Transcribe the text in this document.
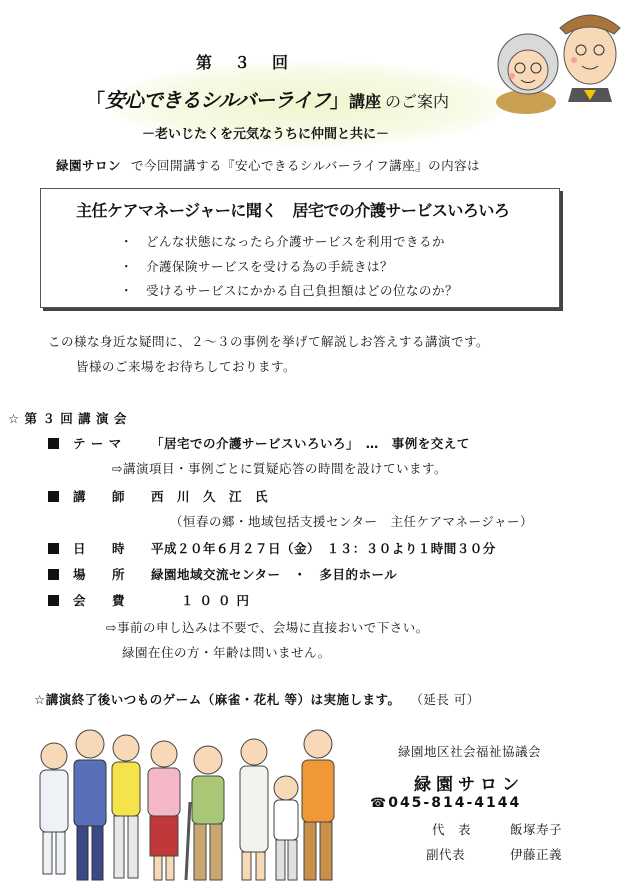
第　３　回
「安心できるシルバーライフ」講座 のご案内
－老いじたくを元気なうちに仲間と共に－
緑園サロン で今回開講する『安心できるシルバーライフ講座』の内容は
主任ケアマネージャーに聞く　居宅での介護サービスいろいろ
・　どんな状態になったら介護サービスを利用できるか
・　介護保険サービスを受ける為の手続きは？
・　受けるサービスにかかる自己負担額はどの位なのか？
この様な身近な疑問に、２～３の事例を挙げて解説しお答えする講演です。
皆様のご来場をお待ちしております。
☆ 第 ３ 回 講 演 会
テ ー マ 「居宅での介護サービスいろいろ」　…　事例を交えて
⇨講演項目・事例ごとに質疑応答の時間を設けています。
講　　師 西　川　久　江　氏
（恒春の郷・地域包括支援センター　主任ケアマネージャー）
日　　時 平成２０年６月２７日（金）　１３：３０より１時間３０分
場　　所 緑園地域交流センター　・　多目的ホール
会　　費	１００円
⇨事前の申し込みは不要で、会場に直接おいで下さい。
緑園在住の方・年齢は問いません。
☆講演終了後いつものゲーム（麻雀・花札 等）は実施します。 （延長 可）
緑園地区社会福祉協議会
緑園サロン
☎045-814-4144
代　表	飯塚寿子
副代表	伊藤正義
